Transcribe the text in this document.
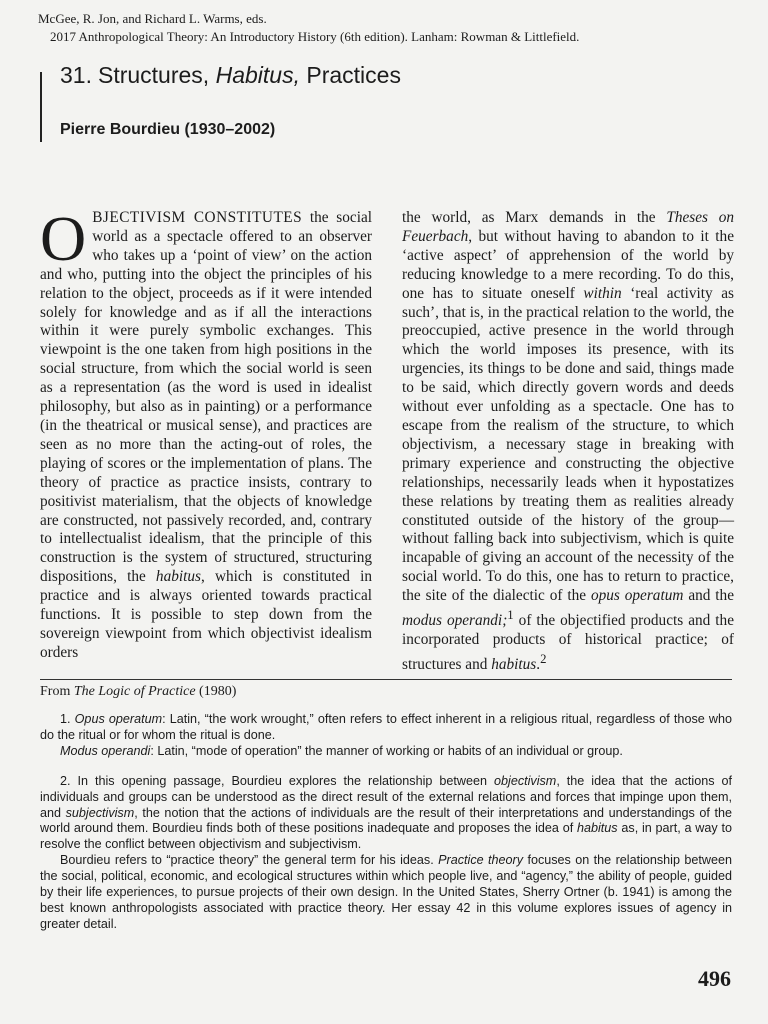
McGee, R. Jon, and Richard L. Warms, eds.
2017 Anthropological Theory: An Introductory History (6th edition). Lanham: Rowman & Littlefield.
31. Structures, Habitus, Practices
Pierre Bourdieu (1930–2002)

OBJECTIVISM CONSTITUTES the social world as a spectacle offered to an observer who takes up a ‘point of view’ on the action and who, putting into the object the principles of his relation to the object, proceeds as if it were intended solely for knowledge and as if all the interactions within it were purely symbolic exchanges. This viewpoint is the one taken from high positions in the social structure, from which the social world is seen as a representation (as the word is used in idealist philosophy, but also as in painting) or a performance (in the theatrical or musical sense), and practices are seen as no more than the acting-out of roles, the playing of scores or the implementation of plans. The theory of practice as practice insists, contrary to positivist materialism, that the objects of knowledge are constructed, not passively recorded, and, contrary to intellectualist idealism, that the principle of this construction is the system of structured, structuring dispositions, the habitus, which is constituted in practice and is always oriented towards practical functions. It is possible to step down from the sovereign viewpoint from which objectivist idealism orders

the world, as Marx demands in the Theses on Feuerbach, but without having to abandon to it the ‘active aspect’ of apprehension of the world by reducing knowledge to a mere recording. To do this, one has to situate oneself within ‘real activity as such’, that is, in the practical relation to the world, the preoccupied, active presence in the world through which the world imposes its presence, with its urgencies, its things to be done and said, things made to be said, which directly govern words and deeds without ever unfolding as a spectacle. One has to escape from the realism of the structure, to which objectivism, a necessary stage in breaking with primary experience and constructing the objective relationships, necessarily leads when it hypostatizes these relations by treating them as realities already constituted outside of the history of the group—without falling back into subjectivism, which is quite incapable of giving an account of the necessity of the social world. To do this, one has to return to practice, the site of the dialectic of the opus operatum and the modus operandi;$^1$ of the objectified products and the incorporated products of historical practice; of structures and habitus.$^2$

From The Logic of Practice (1980)

1. Opus operatum: Latin, “the work wrought,” often refers to effect inherent in a religious ritual, regardless of those who do the ritual or for whom the ritual is done.

Modus operandi: Latin, “mode of operation” the manner of working or habits of an individual or group.

2. In this opening passage, Bourdieu explores the relationship between objectivism, the idea that the actions of individuals and groups can be understood as the direct result of the external relations and forces that impinge upon them, and subjectivism, the notion that the actions of individuals are the result of their interpretations and understandings of the world around them. Bourdieu finds both of these positions inadequate and proposes the idea of habitus as, in part, a way to resolve the conflict between objectivism and subjectivism.

Bourdieu refers to “practice theory” the general term for his ideas. Practice theory focuses on the relationship between the social, political, economic, and ecological structures within which people live, and “agency,” the ability of people, guided by their life experiences, to pursue projects of their own design. In the United States, Sherry Ortner (b. 1941) is among the best known anthropologists associated with practice theory. Her essay 42 in this volume explores issues of agency in greater detail.

496
